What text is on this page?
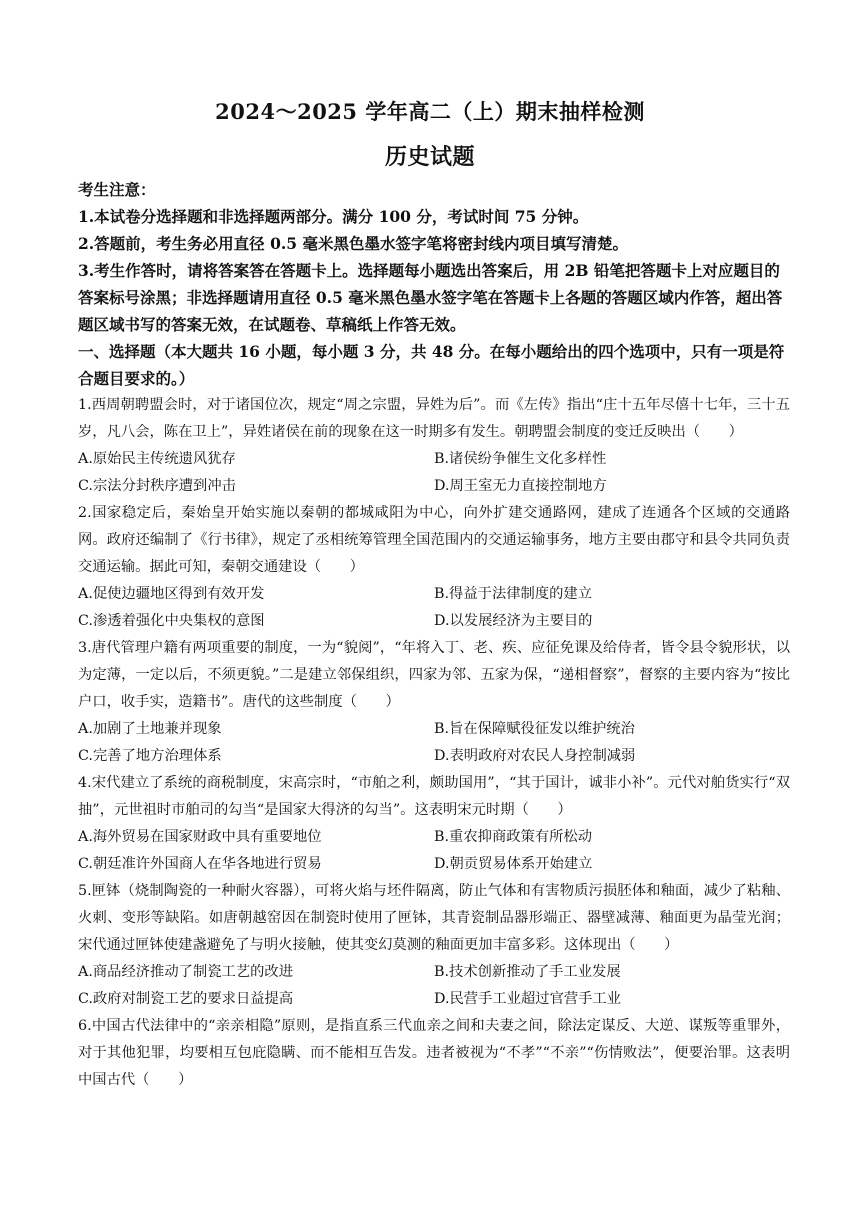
2024～2025 学年高二（上）期末抽样检测
历史试题
考生注意：
1.本试卷分选择题和非选择题两部分。满分 100 分，考试时间 75 分钟。
2.答题前，考生务必用直径 0.5 毫米黑色墨水签字笔将密封线内项目填写清楚。
3.考生作答时，请将答案答在答题卡上。选择题每小题选出答案后，用 2B 铅笔把答题卡上对应题目的答案标号涂黑；非选择题请用直径 0.5 毫米黑色墨水签字笔在答题卡上各题的答题区域内作答，超出答题区域书写的答案无效，在试题卷、草稿纸上作答无效。
一、选择题（本大题共 16 小题，每小题 3 分，共 48 分。在每小题给出的四个选项中，只有一项是符合题目要求的。）
1.西周朝聘盟会时，对于诸国位次，规定“周之宗盟，异姓为后”。而《左传》指出“庄十五年尽僖十七年，三十五岁，凡八会，陈在卫上”，异姓诸侯在前的现象在这一时期多有发生。朝聘盟会制度的变迁反映出（　　）
A.原始民主传统遗风犹存	B.诸侯纷争催生文化多样性
C.宗法分封秩序遭到冲击	D.周王室无力直接控制地方
2.国家稳定后，秦始皇开始实施以秦朝的都城咸阳为中心，向外扩建交通路网，建成了连通各个区域的交通路网。政府还编制了《行书律》，规定了丞相统筹管理全国范围内的交通运输事务，地方主要由郡守和县令共同负责交通运输。据此可知，秦朝交通建设（　　）
A.促使边疆地区得到有效开发	B.得益于法律制度的建立
C.渗透着强化中央集权的意图	D.以发展经济为主要目的
3.唐代管理户籍有两项重要的制度，一为“貌阅”，“年将入丁、老、疾、应征免课及给侍者，皆令县令貌形状，以为定薄，一定以后，不须更貌。”二是建立邻保组织，四家为邻、五家为保，“递相督察”，督察的主要内容为“按比户口，收手实，造籍书”。唐代的这些制度（　　）
A.加剧了土地兼并现象	B.旨在保障赋役征发以维护统治
C.完善了地方治理体系	D.表明政府对农民人身控制减弱
4.宋代建立了系统的商税制度，宋高宗时，“市舶之利，颇助国用”，“其于国计，诚非小补”。元代对舶货实行“双抽”，元世祖时市舶司的勾当“是国家大得济的勾当”。这表明宋元时期（　　）
A.海外贸易在国家财政中具有重要地位	B.重农抑商政策有所松动
C.朝廷准许外国商人在华各地进行贸易	D.朝贡贸易体系开始建立
5.匣钵（烧制陶瓷的一种耐火容器），可将火焰与坯件隔离，防止气体和有害物质污损胚体和釉面，减少了粘釉、火刺、变形等缺陷。如唐朝越窑因在制瓷时使用了匣钵，其青瓷制品器形端正、器壁减薄、釉面更为晶莹光润；宋代通过匣钵使建盏避免了与明火接触，使其变幻莫测的釉面更加丰富多彩。这体现出（　　）
A.商品经济推动了制瓷工艺的改进	B.技术创新推动了手工业发展
C.政府对制瓷工艺的要求日益提高	D.民营手工业超过官营手工业
6.中国古代法律中的“亲亲相隐”原则，是指直系三代血亲之间和夫妻之间，除法定谋反、大逆、谋叛等重罪外，对于其他犯罪，均要相互包庇隐瞒、而不能相互告发。违者被视为“不孝”“不亲”“伤情败法”，便要治罪。这表明中国古代（　　）
